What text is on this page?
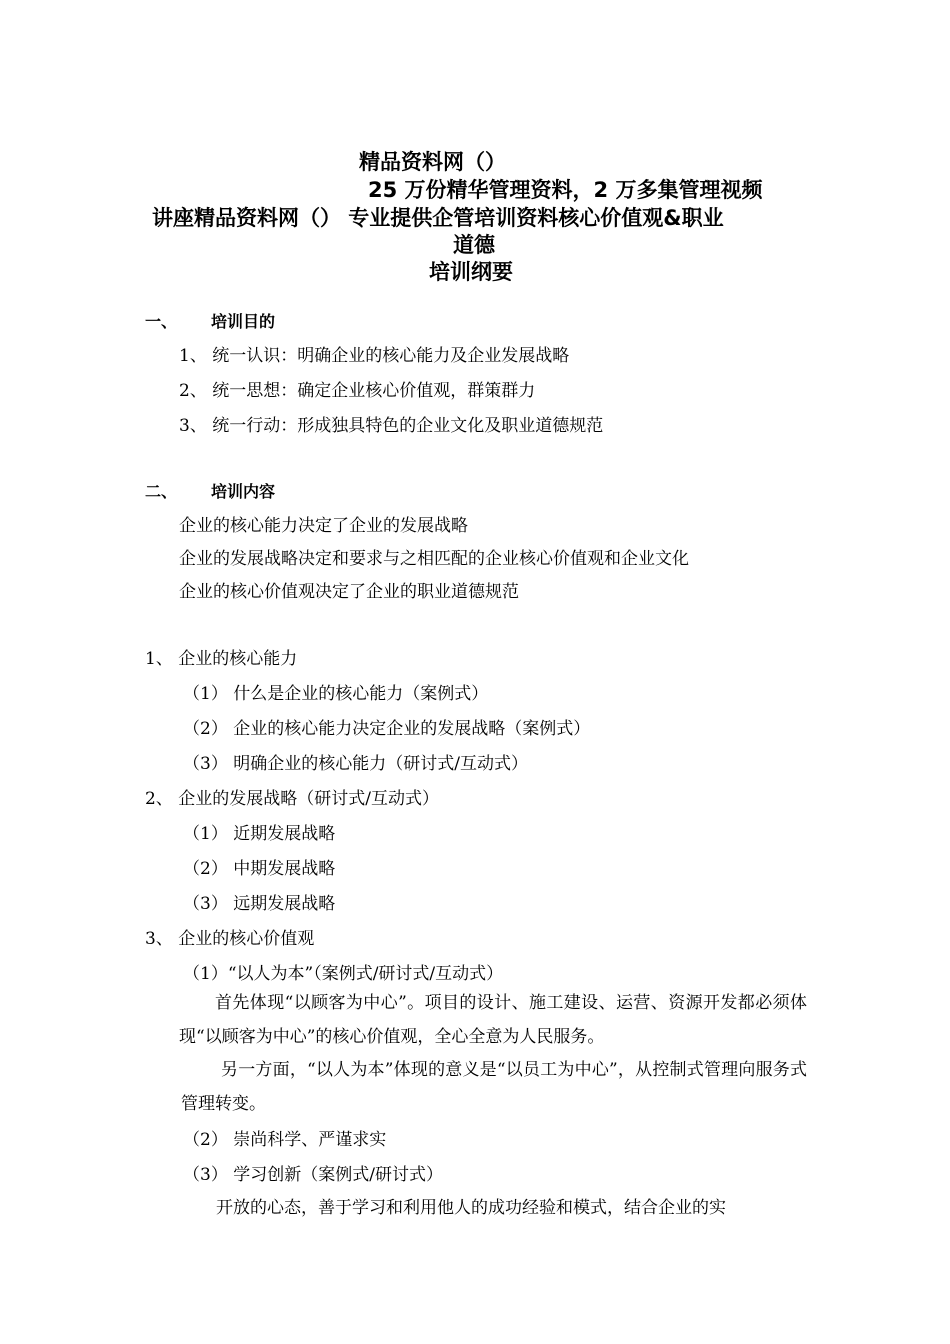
精品资料网（）
25 万份精华管理资料，2 万多集管理视频
讲座精品资料网（） 专业提供企管培训资料核心价值观&职业
道德
培训纲要
一、 培训目的
1、 统一认识：明确企业的核心能力及企业发展战略
2、 统一思想：确定企业核心价值观，群策群力
3、 统一行动：形成独具特色的企业文化及职业道德规范
二、 培训内容
企业的核心能力决定了企业的发展战略
企业的发展战略决定和要求与之相匹配的企业核心价值观和企业文化
企业的核心价值观决定了企业的职业道德规范
1、 企业的核心能力
（1） 什么是企业的核心能力（案例式）
（2） 企业的核心能力决定企业的发展战略（案例式）
（3） 明确企业的核心能力（研讨式/互动式）
2、 企业的发展战略（研讨式/互动式）
（1） 近期发展战略
（2） 中期发展战略
（3） 远期发展战略
3、 企业的核心价值观
（1）“以人为本”（案例式/研讨式/互动式）
首先体现“以顾客为中心”。项目的设计、施工建设、运营、资源开发都必须体现“以顾客为中心”的核心价值观，全心全意为人民服务。
另一方面，“以人为本”体现的意义是“以员工为中心”，从控制式管理向服务式管理转变。
（2） 崇尚科学、严谨求实
（3） 学习创新（案例式/研讨式）
开放的心态，善于学习和利用他人的成功经验和模式，结合企业的实
